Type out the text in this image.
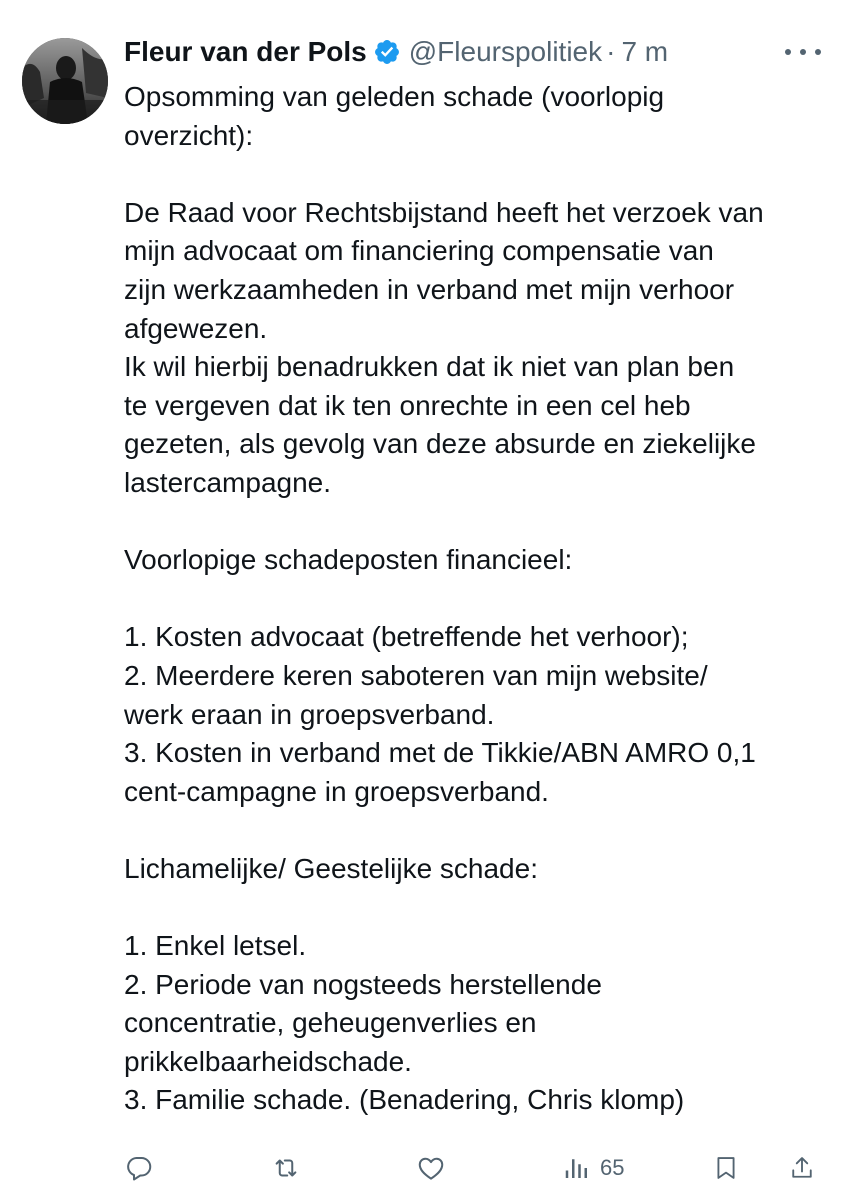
Fleur van der Pols @Fleurspolitiek · 7 m

Opsomming van geleden schade (voorlopig

overzicht):

De Raad voor Rechtsbijstand heeft het verzoek van

mijn advocaat om financiering compensatie van

zijn werkzaamheden in verband met mijn verhoor

afgewezen.

Ik wil hierbij benadrukken dat ik niet van plan ben

te vergeven dat ik ten onrechte in een cel heb

gezeten, als gevolg van deze absurde en ziekelijke

lastercampagne.

Voorlopige schadeposten financieel:

1. Kosten advocaat (betreffende het verhoor);

2. Meerdere keren saboteren van mijn website/

werk eraan in groepsverband.

3. Kosten in verband met de Tikkie/ABN AMRO 0,1

cent-campagne in groepsverband.

Lichamelijke/ Geestelijke schade:

1. Enkel letsel.

2. Periode van nogsteeds herstellende

concentratie, geheugenverlies en

prikkelbaarheidschade.

3. Familie schade. (Benadering, Chris klomp)

65
